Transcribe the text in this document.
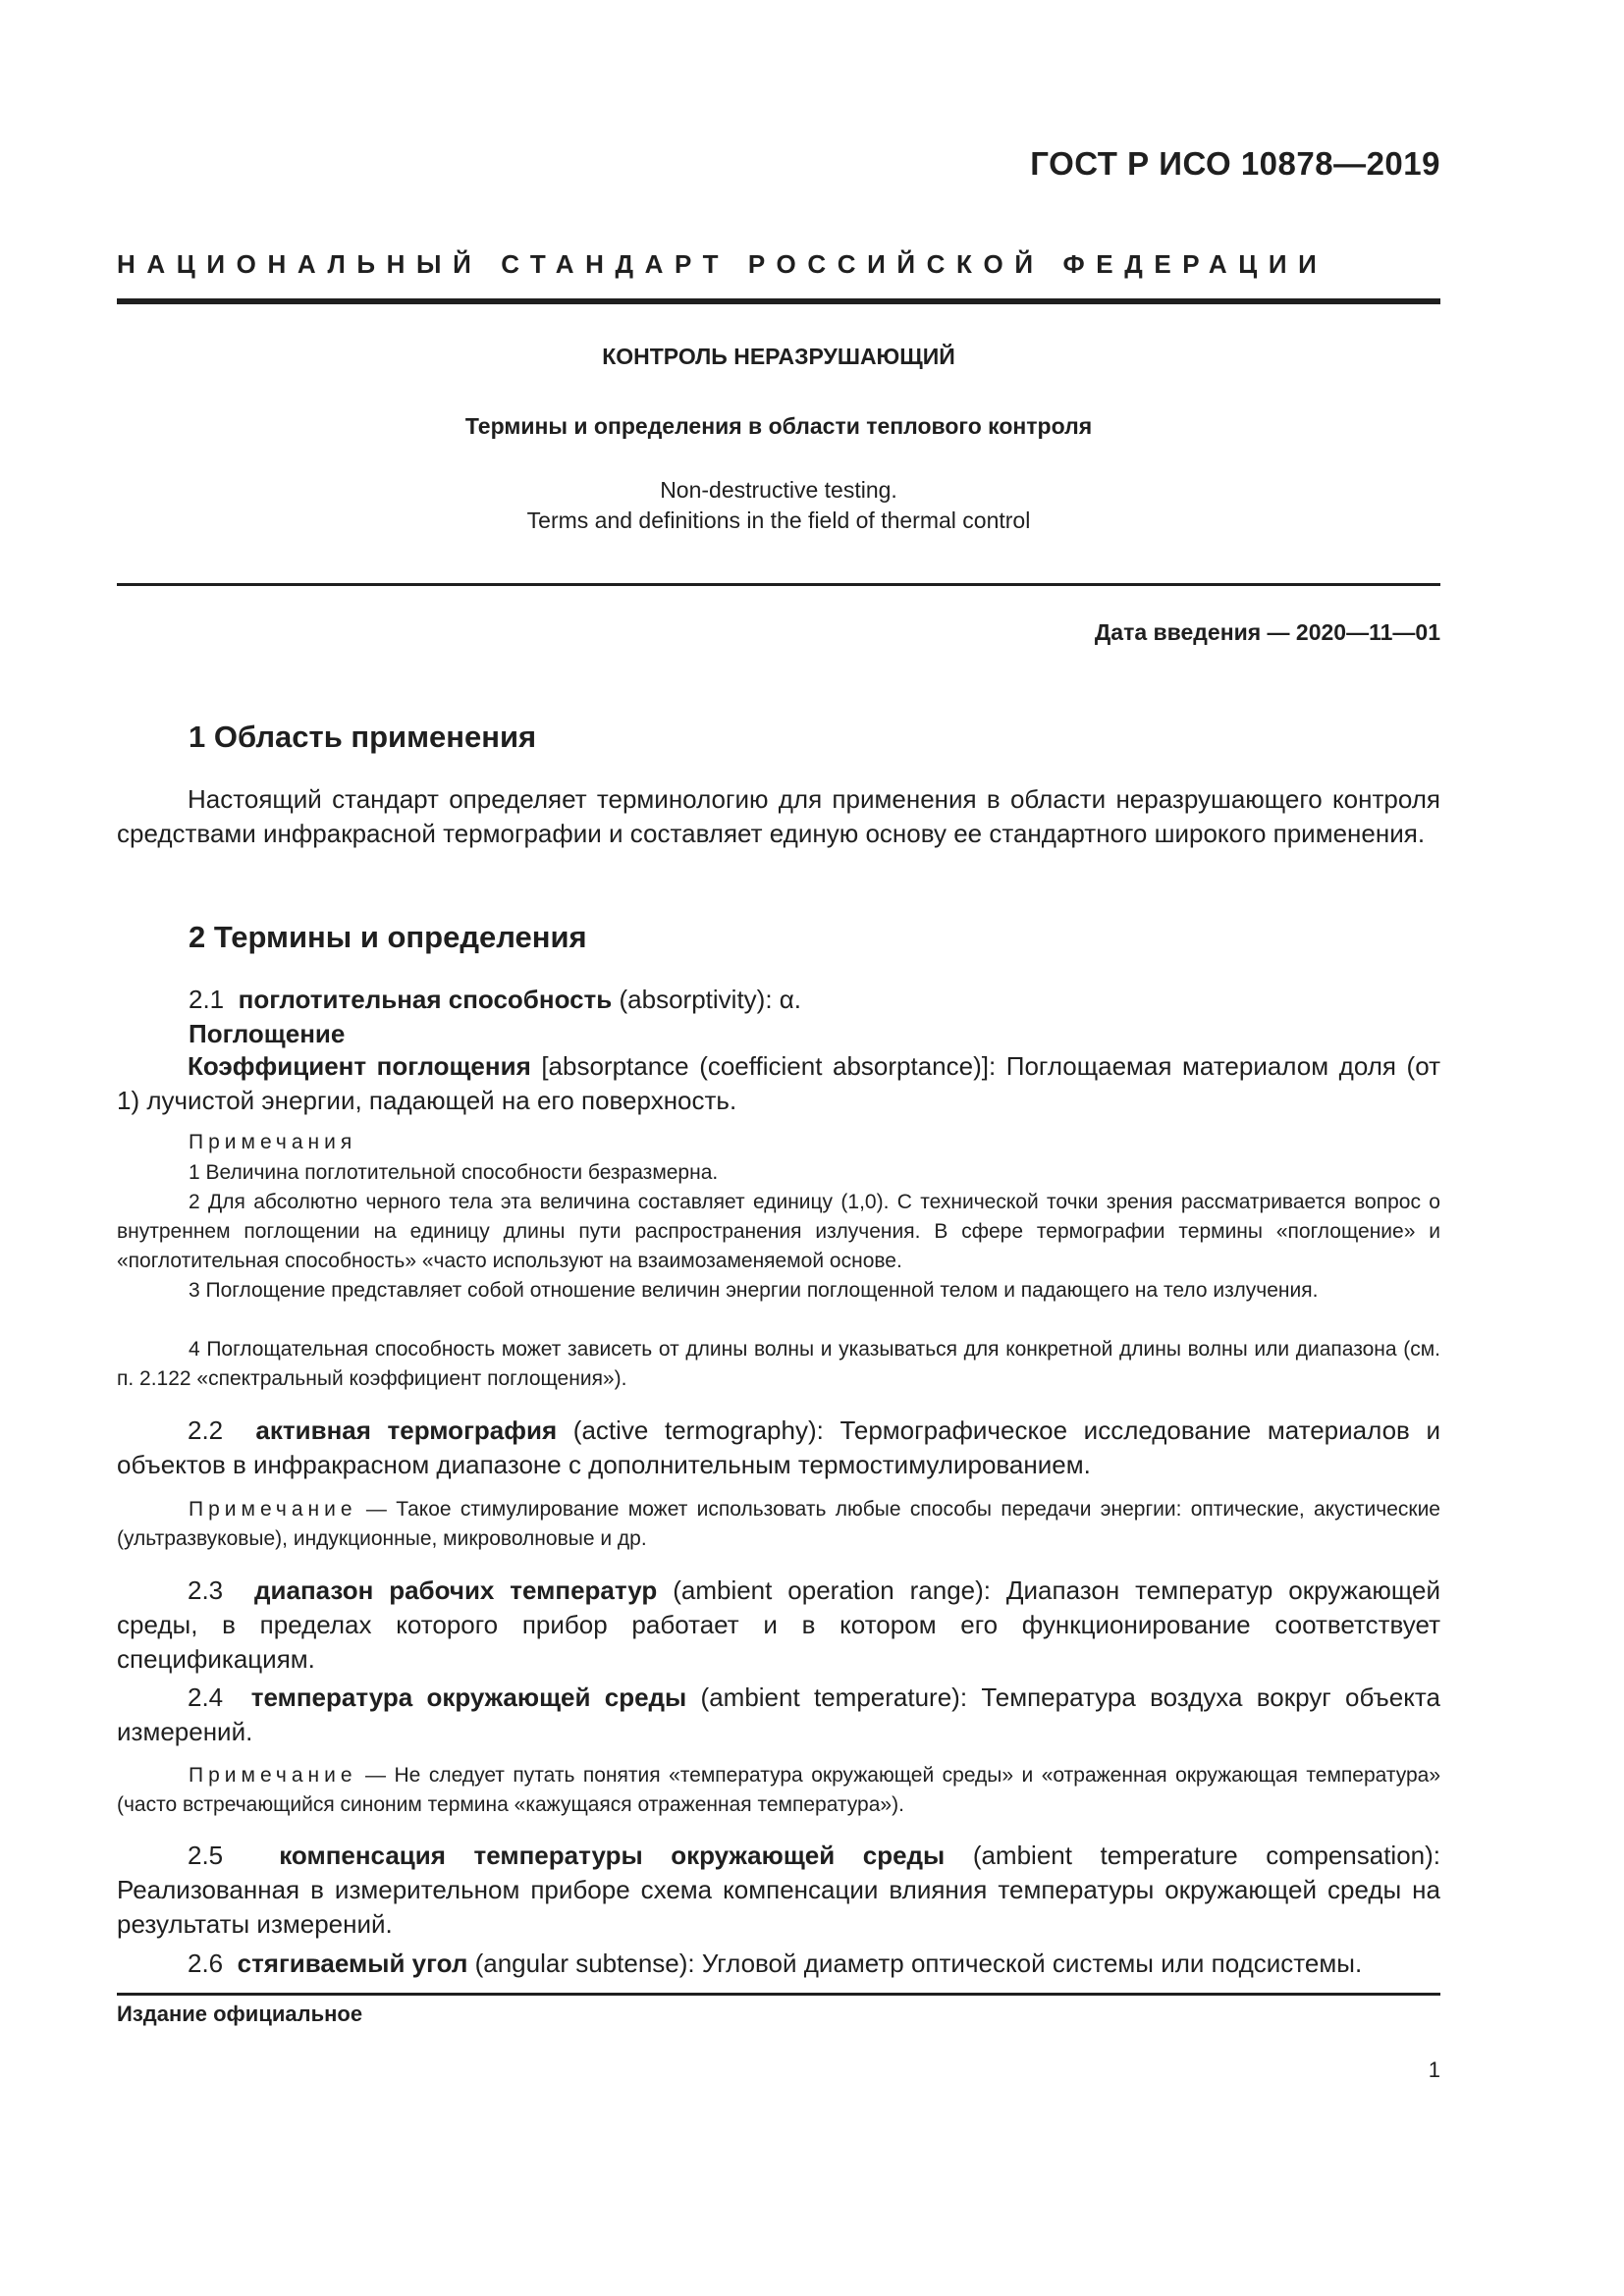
ГОСТ Р ИСО 10878—2019
НАЦИОНАЛЬНЫЙ СТАНДАРТ РОССИЙСКОЙ ФЕДЕРАЦИИ
КОНТРОЛЬ НЕРАЗРУШАЮЩИЙ
Термины и определения в области теплового контроля
Non-destructive testing.
Terms and definitions in the field of thermal control
Дата введения — 2020—11—01
1 Область применения
Настоящий стандарт определяет терминологию для применения в области неразрушающего контроля средствами инфракрасной термографии и составляет единую основу ее стандартного широкого применения.
2 Термины и определения
2.1 поглотительная способность (absorptivity): α.
Поглощение
Коэффициент поглощения [absorptance (coefficient absorptance)]: Поглощаемая материалом доля (от 1) лучистой энергии, падающей на его поверхность.
Примечания
1 Величина поглотительной способности безразмерна.
2 Для абсолютно черного тела эта величина составляет единицу (1,0). С технической точки зрения рассматривается вопрос о внутреннем поглощении на единицу длины пути распространения излучения. В сфере термографии термины «поглощение» и «поглотительная способность» «часто используют на взаимозаменяемой основе.
3 Поглощение представляет собой отношение величин энергии поглощенной телом и падающего на тело излучения.
4 Поглощательная способность может зависеть от длины волны и указываться для конкретной длины волны или диапазона (см. п. 2.122 «спектральный коэффициент поглощения»).
2.2 активная термография (active termography): Термографическое исследование материалов и объектов в инфракрасном диапазоне с дополнительным термостимулированием.
Примечание — Такое стимулирование может использовать любые способы передачи энергии: оптические, акустические (ультразвуковые), индукционные, микроволновые и др.
2.3 диапазон рабочих температур (ambient operation range): Диапазон температур окружающей среды, в пределах которого прибор работает и в котором его функционирование соответствует спецификациям.
2.4 температура окружающей среды (ambient temperature): Температура воздуха вокруг объекта измерений.
Примечание — Не следует путать понятия «температура окружающей среды» и «отраженная окружающая температура» (часто встречающийся синоним термина «кажущаяся отраженная температура»).
2.5 компенсация температуры окружающей среды (ambient temperature compensation): Реализованная в измерительном приборе схема компенсации влияния температуры окружающей среды на результаты измерений.
2.6 стягиваемый угол (angular subtense): Угловой диаметр оптической системы или подсистемы.
Издание официальное
1
